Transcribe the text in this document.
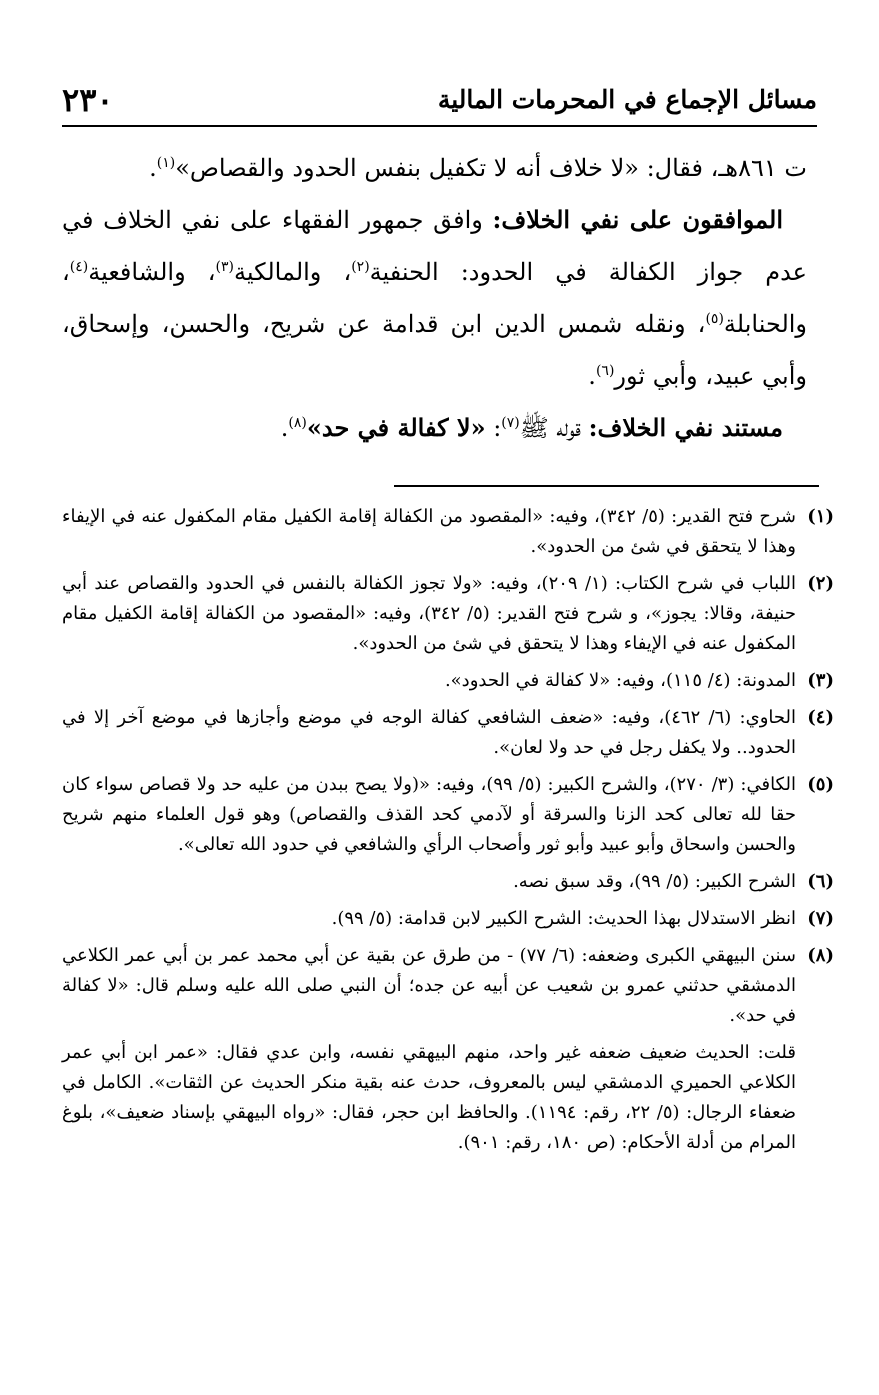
مسائل الإجماع في المحرمات المالية
٢٣٠

ت ٨٦١هـ، فقال: «لا خلاف أنه لا تكفيل بنفس الحدود والقصاص»$^{(١)}$.

الموافقون على نفي الخلاف: وافق جمهور الفقهاء على نفي الخلاف في عدم جواز الكفالة في الحدود: الحنفية$^{(٢)}$، والمالكية$^{(٣)}$، والشافعية$^{(٤)}$، والحنابلة$^{(٥)}$، ونقله شمس الدين ابن قدامة عن شريح، والحسن، وإسحاق، وأبي عبيد، وأبي ثور$^{(٦)}$.

مستند نفي الخلاف: قوله ﷺ$^{(٧)}$: «لا كفالة في حد»$^{(٨)}$.

(١)
شرح فتح القدير: (٥/ ٣٤٢)، وفيه: «المقصود من الكفالة إقامة الكفيل مقام المكفول عنه في الإيفاء وهذا لا يتحقق في شئ من الحدود».
(٢)
اللباب في شرح الكتاب: (١/ ٢٠٩)، وفيه: «ولا تجوز الكفالة بالنفس في الحدود والقصاص عند أبي حنيفة، وقالا: يجوز»، و شرح فتح القدير: (٥/ ٣٤٢)، وفيه: «المقصود من الكفالة إقامة الكفيل مقام المكفول عنه في الإيفاء وهذا لا يتحقق في شئ من الحدود».
(٣)
المدونة: (٤/ ١١٥)، وفيه: «لا كفالة في الحدود».
(٤)
الحاوي: (٦/ ٤٦٢)، وفيه: «ضعف الشافعي كفالة الوجه في موضع وأجازها في موضع آخر إلا في الحدود.. ولا يكفل رجل في حد ولا لعان».
(٥)
الكافي: (٣/ ٢٧٠)، والشرح الكبير: (٥/ ٩٩)، وفيه: «(ولا يصح ببدن من عليه حد ولا قصاص سواء كان حقا لله تعالى كحد الزنا والسرقة أو لآدمي كحد القذف والقصاص) وهو قول العلماء منهم شريح والحسن واسحاق وأبو عبيد وأبو ثور وأصحاب الرأي والشافعي في حدود الله تعالى».
(٦)
الشرح الكبير: (٥/ ٩٩)، وقد سبق نصه.
(٧)
انظر الاستدلال بهذا الحديث: الشرح الكبير لابن قدامة: (٥/ ٩٩).
(٨)
سنن البيهقي الكبرى وضعفه: (٦/ ٧٧) - من طرق عن بقية عن أبي محمد عمر بن أبي عمر الكلاعي الدمشقي حدثني عمرو بن شعيب عن أبيه عن جده؛ أن النبي صلى الله عليه وسلم قال: «لا كفالة في حد».
قلت: الحديث ضعيف ضعفه غير واحد، منهم البيهقي نفسه، وابن عدي فقال: «عمر ابن أبي عمر الكلاعي الحميري الدمشقي ليس بالمعروف، حدث عنه بقية منكر الحديث عن الثقات». الكامل في ضعفاء الرجال: (٥/ ٢٢، رقم: ١١٩٤). والحافظ ابن حجر، فقال: «رواه البيهقي بإسناد ضعيف»، بلوغ المرام من أدلة الأحكام: (ص ١٨٠، رقم: ٩٠١).
